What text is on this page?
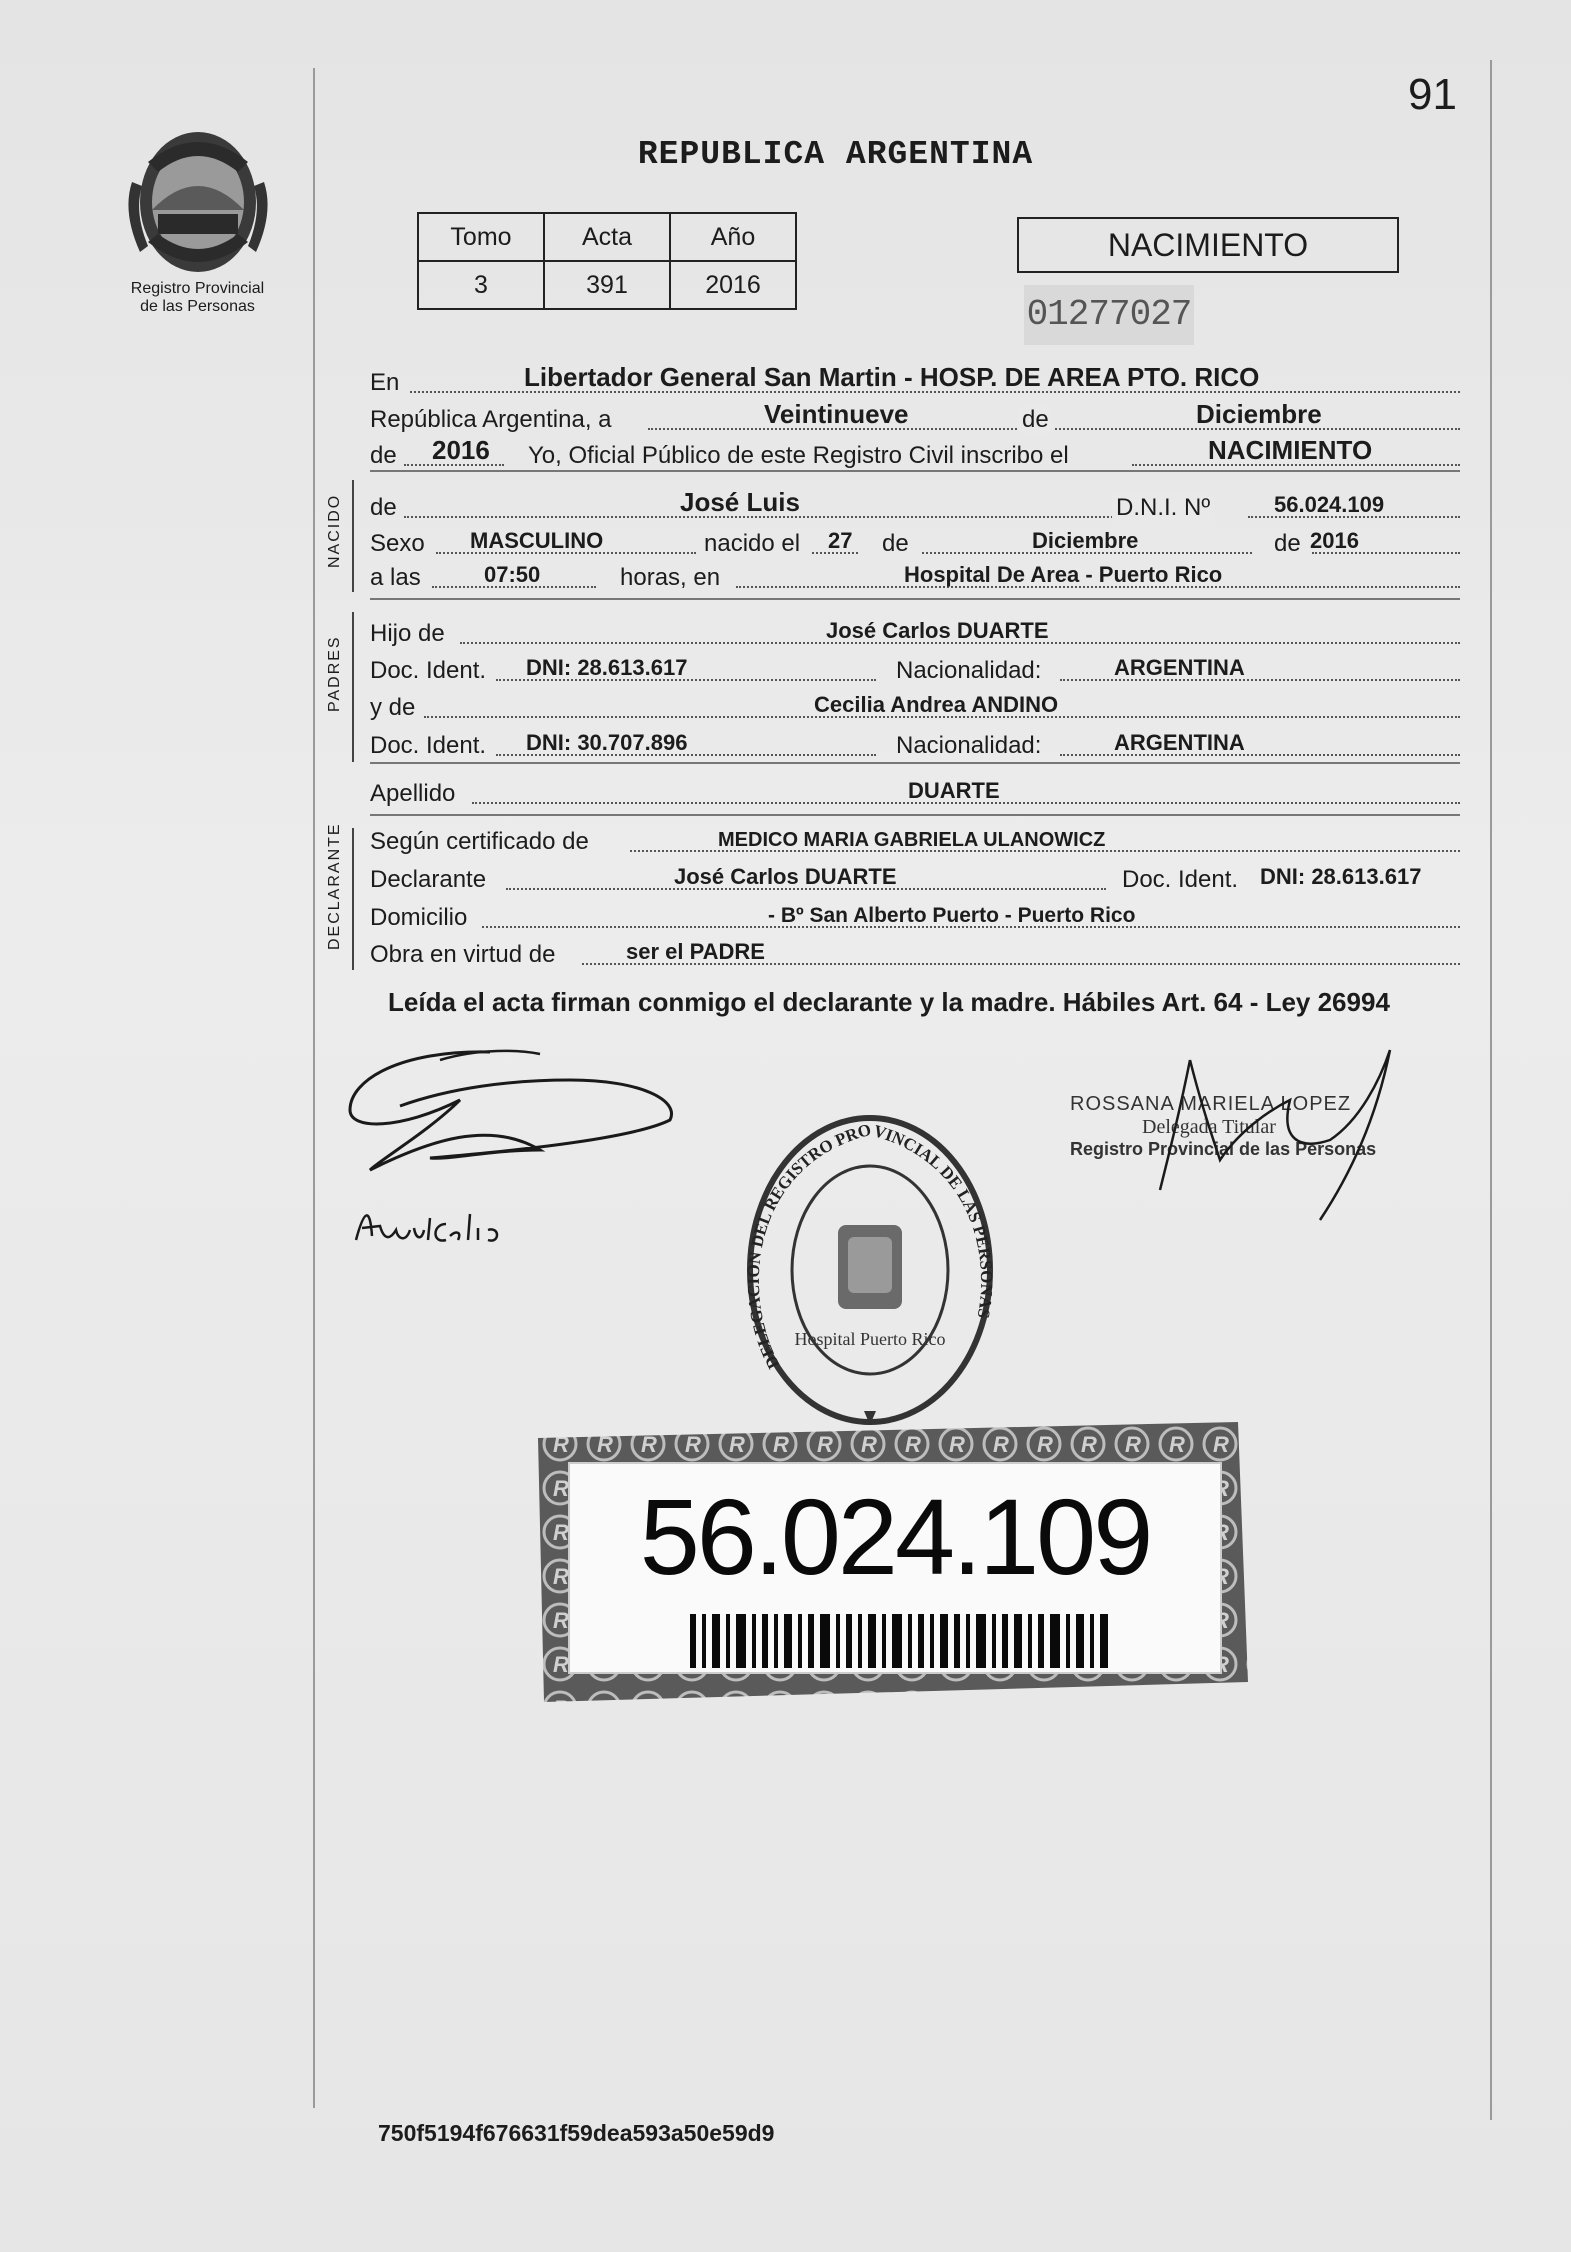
91
Registro Provincial
de las Personas
REPUBLICA ARGENTINA
Tomo	Acta	Año
3	391	2016
NACIMIENTO
01277027
En	Libertador General San Martin - HOSP. DE AREA PTO. RICO
República Argentina, a	Veintinueve	de	Diciembre
de 2016 Yo, Oficial Público de este Registro Civil inscribo el	NACIMIENTO
NACIDO de	José Luis	D.N.I. Nº	56.024.109
Sexo MASCULINO	nacido el 27 de	Diciembre	de 2016
a las	07:50	horas, en	Hospital De Area - Puerto Rico
PADRES
Hijo de	José Carlos DUARTE
Doc. Ident. DNI: 28.613.617	Nacionalidad:	ARGENTINA
y de	Cecilia Andrea ANDINO
Doc. Ident. DNI: 30.707.896	Nacionalidad:	ARGENTINA
Apellido	DUARTE
DECLARANTE Según certificado de	MEDICO MARIA GABRIELA ULANOWICZ
Declarante	José Carlos DUARTE	Doc. Ident. DNI: 28.613.617
Domicilio	- Bº San Alberto Puerto - Puerto Rico
Obra en virtud de	ser el PADRE
Leída el acta firman conmigo el declarante y la madre. Hábiles Art. 64 - Ley 26994
ROSSANA MARIELA LOPEZ
Delegada Titular
Registro Provincial de las Personas
DELEGACION DEL REGISTRO PROVINCIAL DE LAS PERSONAS
Hospital Puerto Rico
56.024.109
750f5194f676631f59dea593a50e59d9
